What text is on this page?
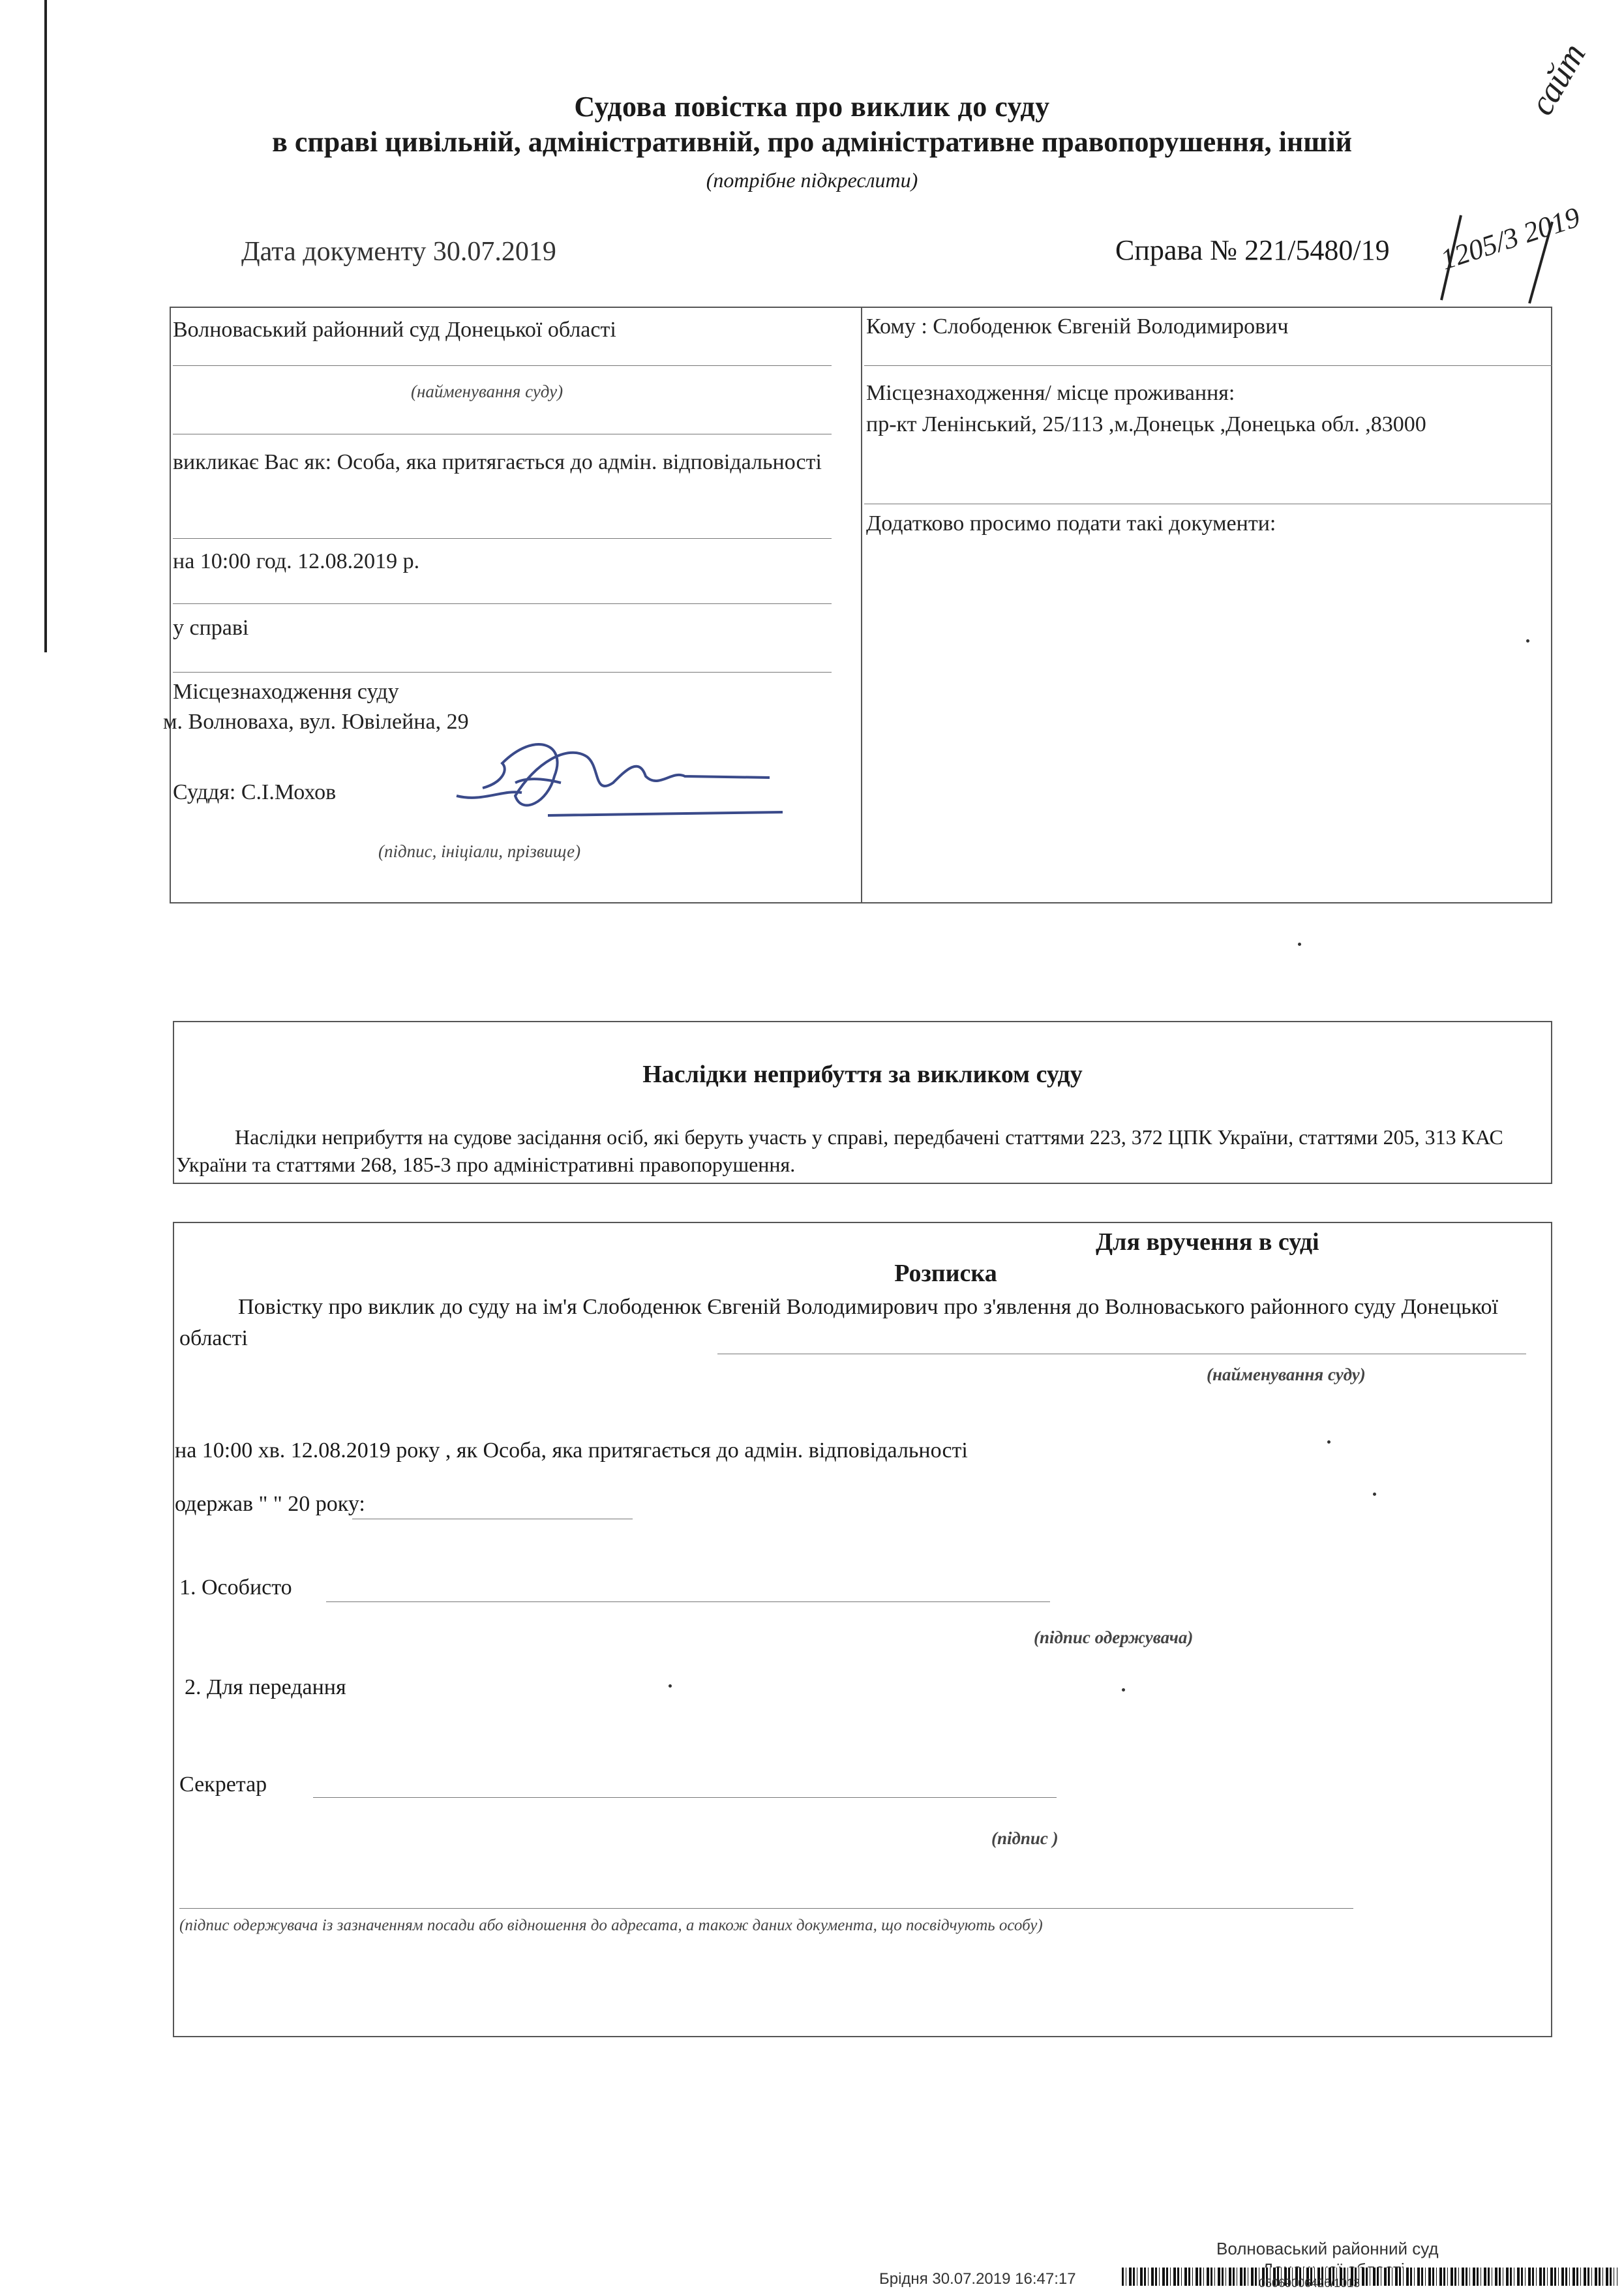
Судова повістка про виклик до суду
в справі цивільній, адміністративній, про адміністративне правопорушення, іншій
(потрібне підкреслити)
Дата документу 30.07.2019	Справа № 221/5480/19 1205/3 2019
сайт
Волноваський районний суд Донецької області
(найменування суду)
викликає Вас як: Особа, яка притягається до адмін. відповідальності
на 10:00 год. 12.08.2019 р.
у справі
Місцезнаходження суду
м. Волноваха, вул. Ювілейна, 29
Суддя: С.І.Мохов
(підпис, ініціали, прізвище)
Кому : Слободенюк Євгеній Володимирович
Місцезнаходження/ місце проживання:
пр-кт Ленінський, 25/113 ,м.Донецьк ,Донецька обл. ,83000
Додатково просимо подати такі документи:
Наслідки неприбуття за викликом суду
Наслідки неприбуття на судове засідання осіб, які беруть участь у справі, передбачені статтями 223, 372 ЦПК України, статтями 205, 313 КАС України та статтями 268, 185-3 про адміністративні правопорушення.
Для вручення в суді
Розписка
Повістку про виклик до суду на ім'я Слободенюк Євгеній Володимирович про з'явлення до Волноваського районного суду Донецької області
(найменування суду)
на 10:00 хв. 12.08.2019 року , як Особа, яка притягається до адмін. відповідальності
одержав " " 20 року:
1. Особисто
(підпис одержувача)
2. Для передання
Секретар
(підпис )
(підпис одержувача із зазначенням посади або відношення до адресата, а також даних документа, що посвідчують особу)
Волноваський районний суд
Брідня 30.07.2019 16:47:17	05069006426/1013
